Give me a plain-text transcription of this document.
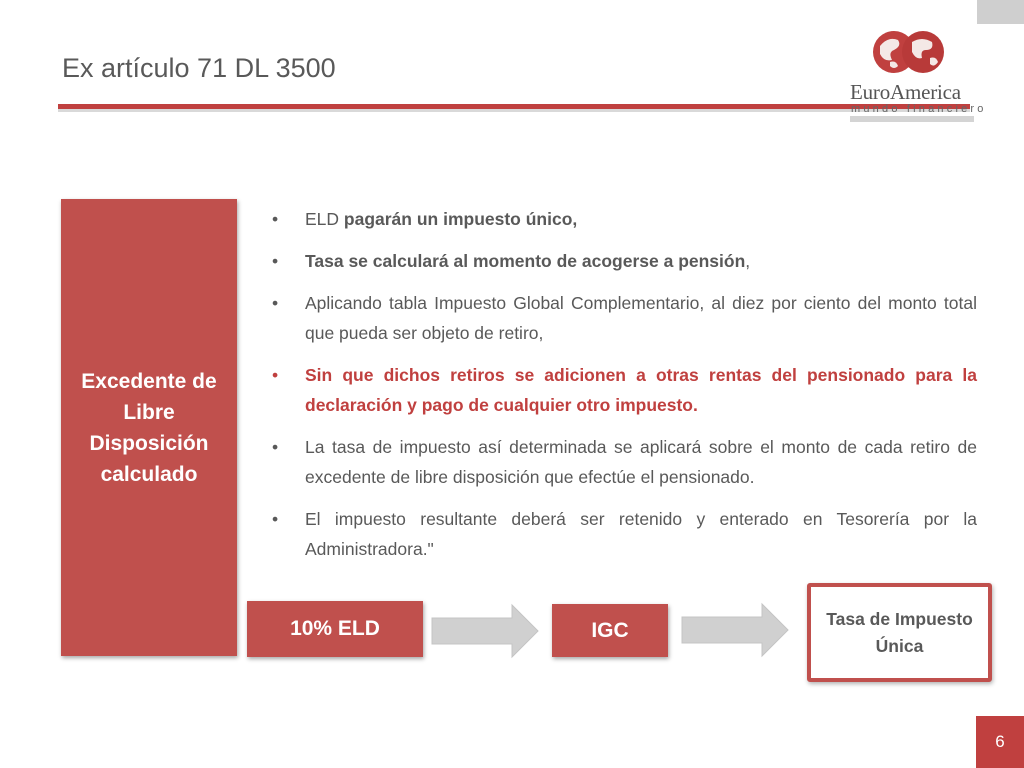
Ex artículo 71 DL 3500
EuroAmerica
mundo financiero
Excedente de Libre Disposición calculado
• ELD pagarán un impuesto único,
• Tasa se calculará al momento de acogerse a pensión,
• Aplicando tabla Impuesto Global Complementario, al diez por ciento del monto total que pueda ser objeto de retiro,
• Sin que dichos retiros se adicionen a otras rentas del pensionado para la declaración y pago de cualquier otro impuesto.
• La tasa de impuesto así determinada se aplicará sobre el monto de cada retiro de excedente de libre disposición que efectúe el pensionado.
• El impuesto resultante deberá ser retenido y enterado en Tesorería por la Administradora."
10% ELD	IGC	Tasa de Impuesto Única
6
